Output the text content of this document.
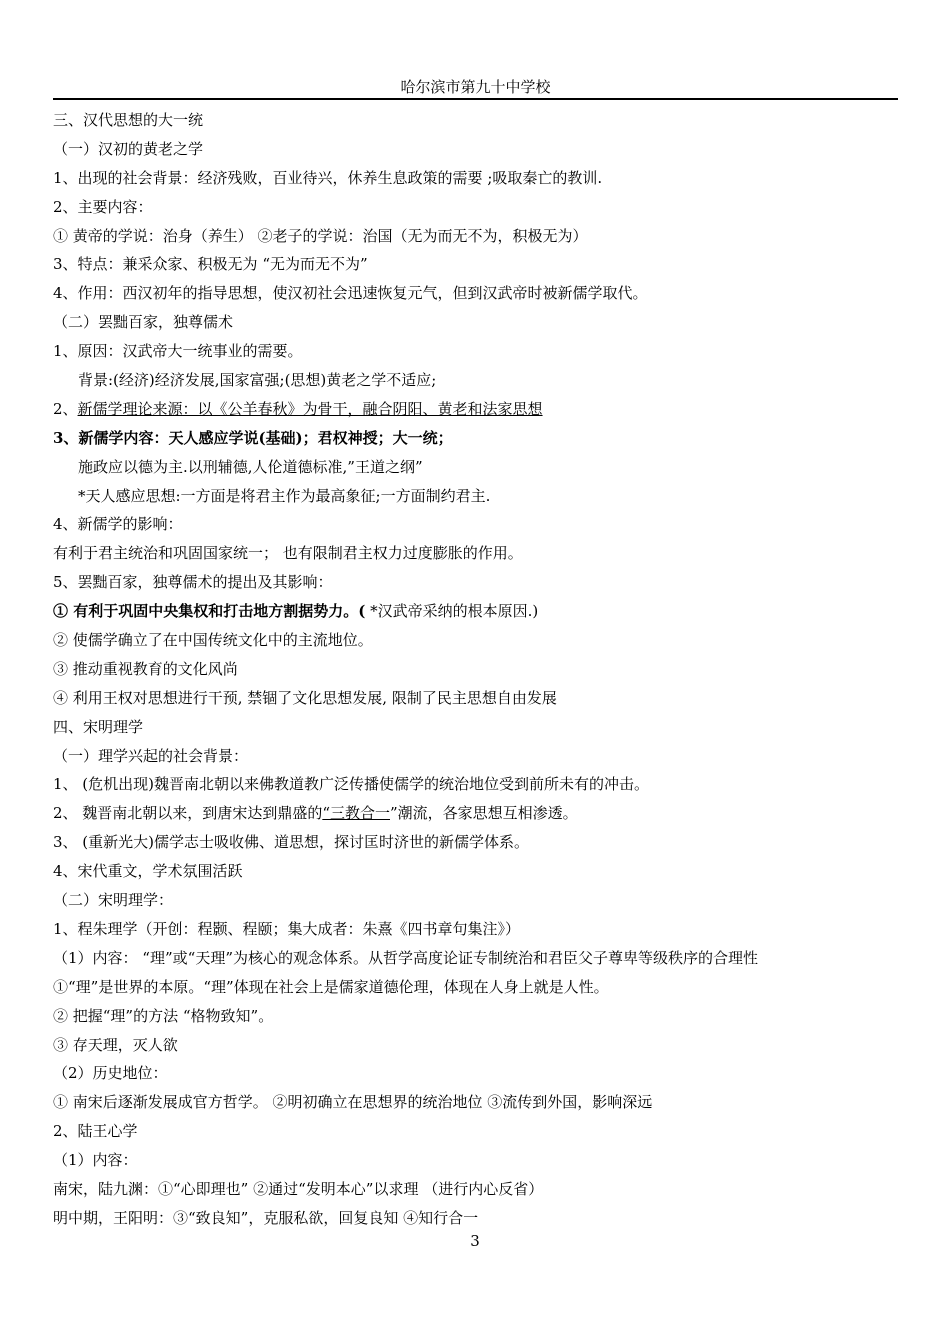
哈尔滨市第九十中学校
三、汉代思想的大一统
（一）汉初的黄老之学
1、出现的社会背景：经济残败，百业待兴，休养生息政策的需要 ;吸取秦亡的教训.
2、主要内容：
① 黄帝的学说：治身（养生） ②老子的学说：治国（无为而无不为，积极无为）
3、特点：兼采众家、积极无为 “无为而无不为”
4、作用：西汉初年的指导思想，使汉初社会迅速恢复元气，但到汉武帝时被新儒学取代。
（二）罢黜百家，独尊儒术
1、原因：汉武帝大一统事业的需要。
背景:(经济)经济发展,国家富强;(思想)黄老之学不适应;
2、新儒学理论来源：以《公羊春秋》为骨干，融合阴阳、黄老和法家思想
3、新儒学内容：天人感应学说(基础)；君权神授；大一统；
施政应以德为主.以刑辅德,人伦道德标准,”王道之纲”
*天人感应思想:一方面是将君主作为最高象征;一方面制约君主.
4、新儒学的影响：
有利于君主统治和巩固国家统一； 也有限制君主权力过度膨胀的作用。
5、罢黜百家，独尊儒术的提出及其影响：
① 有利于巩固中央集权和打击地方割据势力。( *汉武帝采纳的根本原因.)
② 使儒学确立了在中国传统文化中的主流地位。
③ 推动重视教育的文化风尚
④ 利用王权对思想进行干预, 禁锢了文化思想发展, 限制了民主思想自由发展
四、宋明理学
（一）理学兴起的社会背景：
1、 (危机出现)魏晋南北朝以来佛教道教广泛传播使儒学的统治地位受到前所未有的冲击。
2、 魏晋南北朝以来，到唐宋达到鼎盛的“三教合一”潮流，各家思想互相渗透。
3、 (重新光大)儒学志士吸收佛、道思想，探讨匡时济世的新儒学体系。
4、宋代重文，学术氛围活跃
（二）宋明理学：
1、程朱理学（开创：程颢、程颐；集大成者：朱熹《四书章句集注》）
（1）内容： “理”或“天理”为核心的观念体系。从哲学高度论证专制统治和君臣父子尊卑等级秩序的合理性
①“理”是世界的本原。“理”体现在社会上是儒家道德伦理，体现在人身上就是人性。
② 把握“理”的方法 “格物致知”。
③ 存天理，灭人欲
（2）历史地位：
① 南宋后逐渐发展成官方哲学。 ②明初确立在思想界的统治地位 ③流传到外国，影响深远
2、陆王心学
（1）内容：
南宋，陆九渊：①“心即理也” ②通过“发明本心”以求理 （进行内心反省）
明中期，王阳明：③“致良知”，克服私欲，回复良知 ④知行合一
3
